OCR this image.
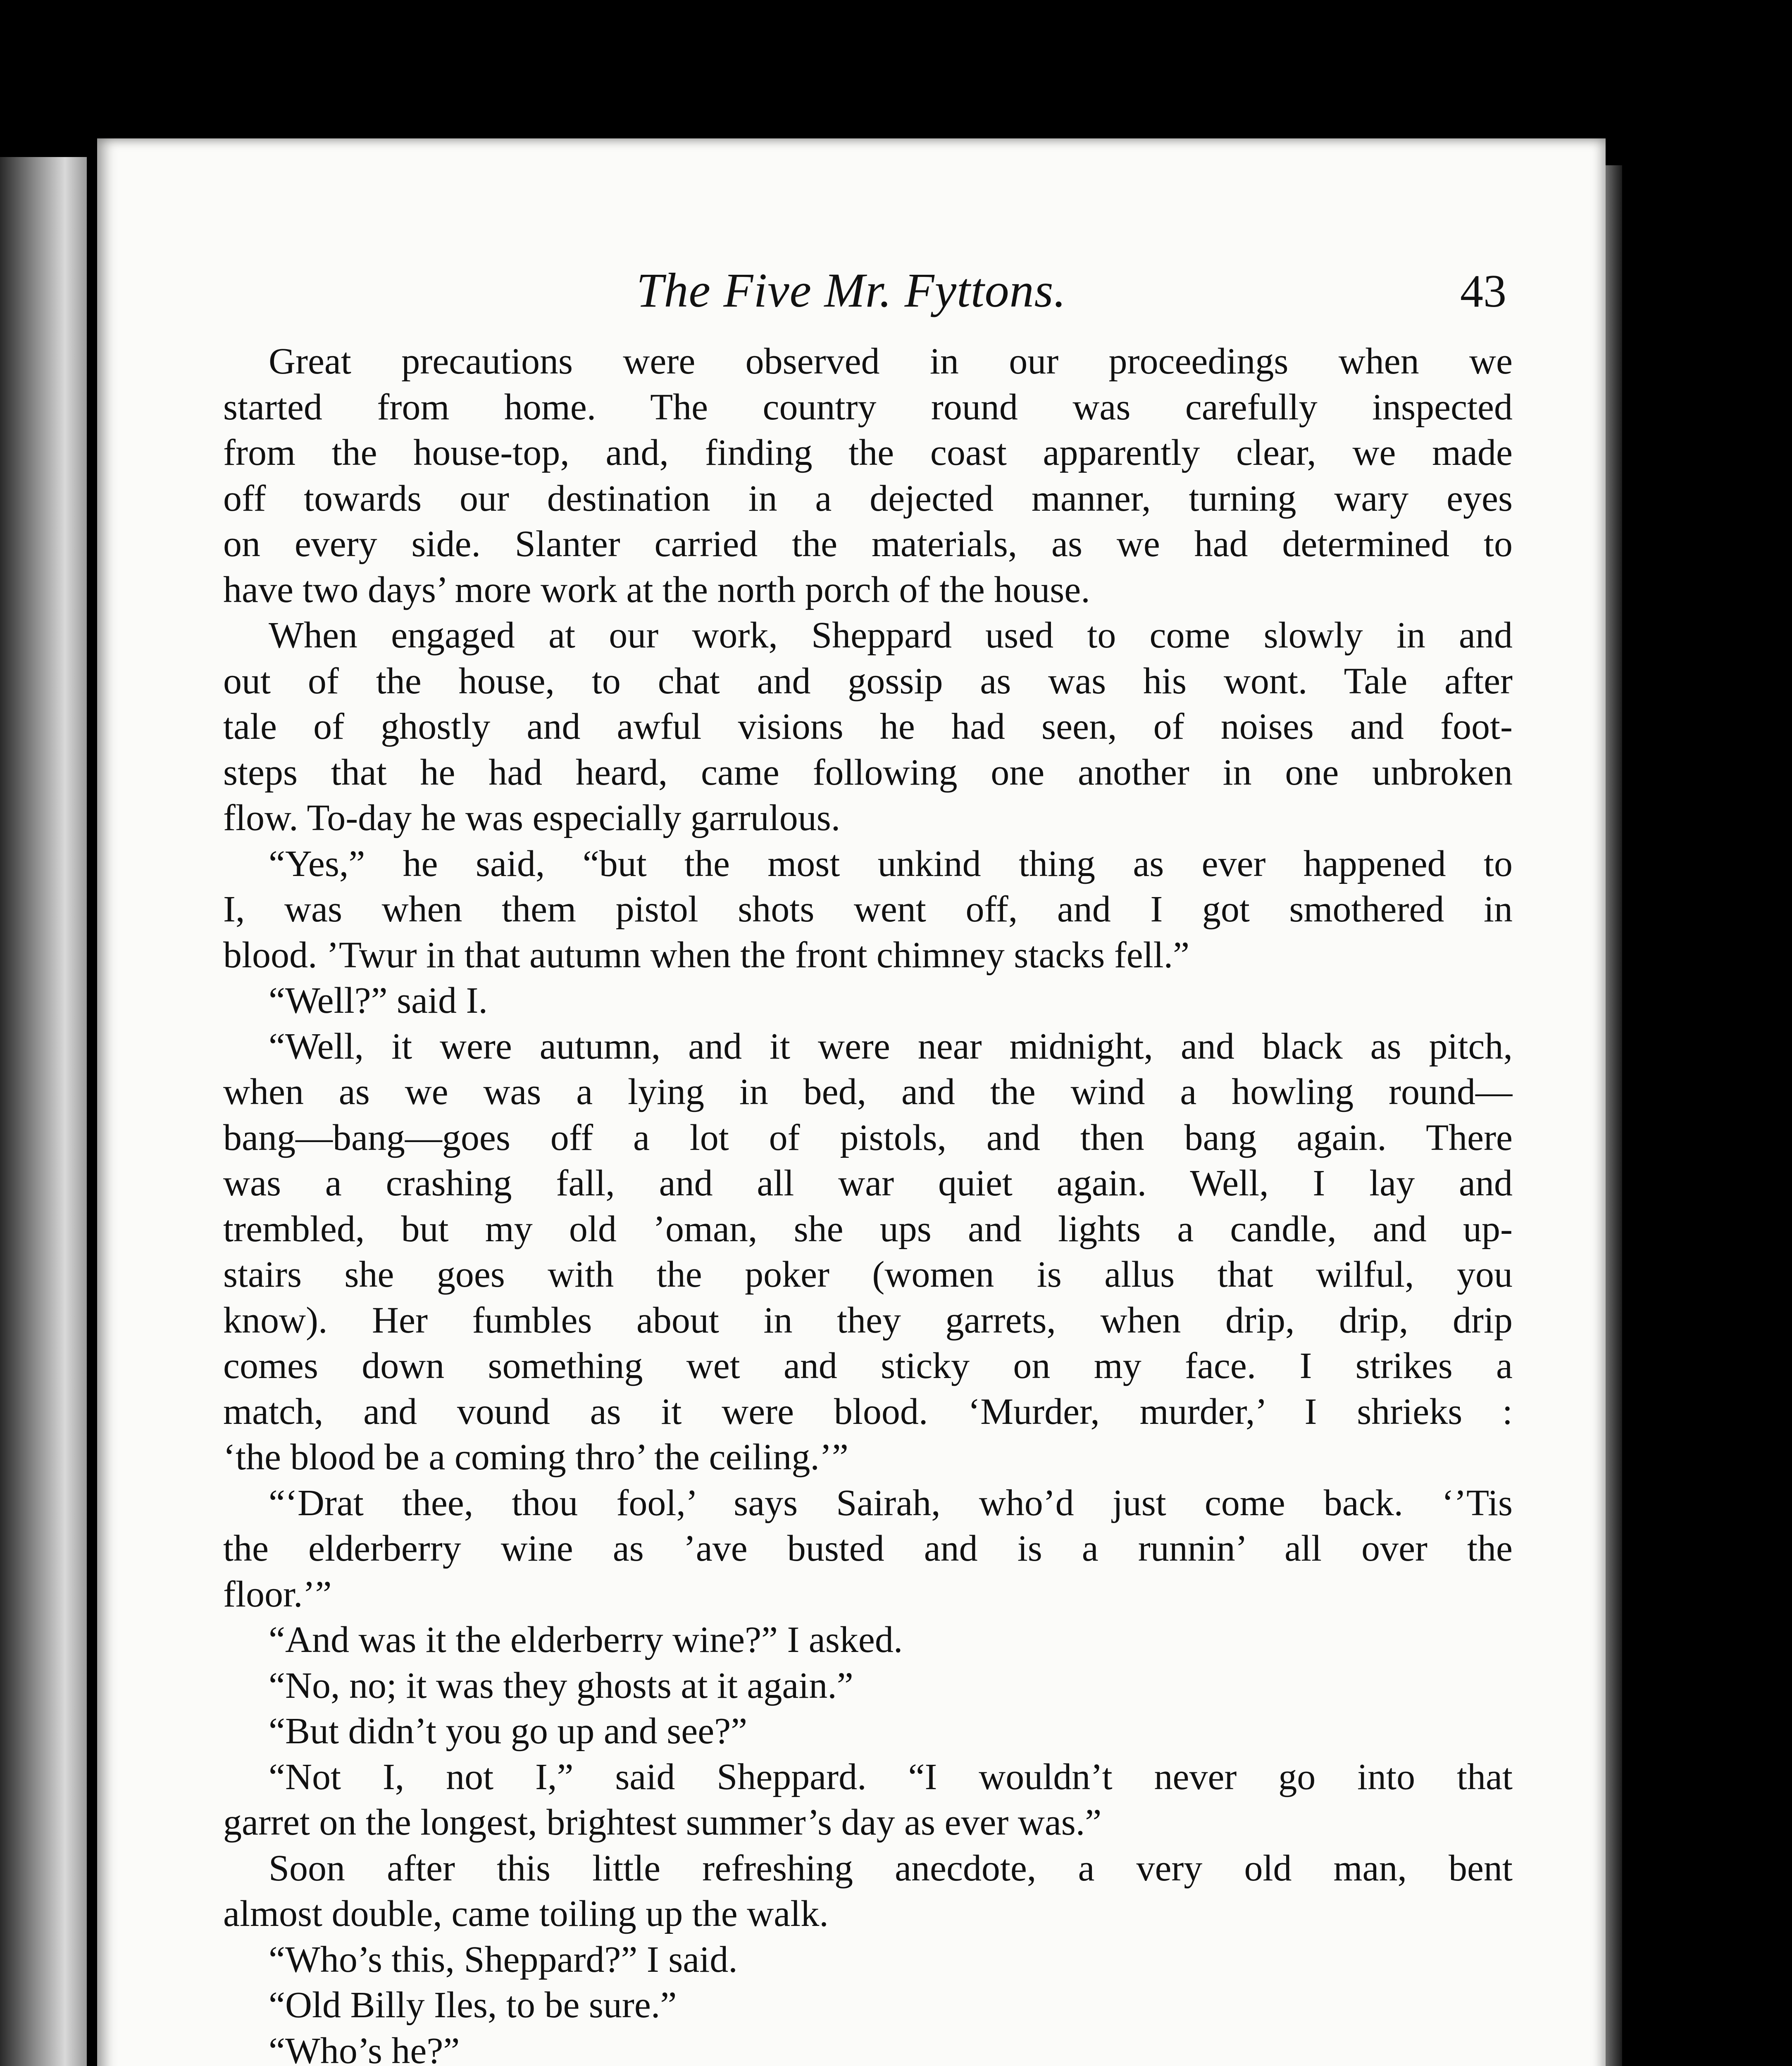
The Five Mr. Fyttons.	43
Great precautions were observed in our proceedings when we
started from home. The country round was carefully inspected
from the house-top, and, finding the coast apparently clear, we made
off towards our destination in a dejected manner, turning wary eyes
on every side. Slanter carried the materials, as we had determined to
have two days’ more work at the north porch of the house.
When engaged at our work, Sheppard used to come slowly in and
out of the house, to chat and gossip as was his wont. Tale after
tale of ghostly and awful visions he had seen, of noises and foot-
steps that he had heard, came following one another in one unbroken
flow. To-day he was especially garrulous.
“Yes,” he said, “but the most unkind thing as ever happened to
I, was when them pistol shots went off, and I got smothered in
blood. ’Twur in that autumn when the front chimney stacks fell.”
“Well?” said I.
“Well, it were autumn, and it were near midnight, and black as pitch,
when as we was a lying in bed, and the wind a howling round—
bang—bang—goes off a lot of pistols, and then bang again. There
was a crashing fall, and all war quiet again. Well, I lay and
trembled, but my old ’oman, she ups and lights a candle, and up-
stairs she goes with the poker (women is allus that wilful, you
know). Her fumbles about in they garrets, when drip, drip, drip
comes down something wet and sticky on my face. I strikes a
match, and vound as it were blood. ‘Murder, murder,’ I shrieks :
‘the blood be a coming thro’ the ceiling.’”
“‘Drat thee, thou fool,’ says Sairah, who’d just come back. ‘’Tis
the elderberry wine as ’ave busted and is a runnin’ all over the
floor.’”
“And was it the elderberry wine?” I asked.
“No, no; it was they ghosts at it again.”
“But didn’t you go up and see?”
“Not I, not I,” said Sheppard. “I wouldn’t never go into that
garret on the longest, brightest summer’s day as ever was.”
Soon after this little refreshing anecdote, a very old man, bent
almost double, came toiling up the walk.
“Who’s this, Sheppard?” I said.
“Old Billy Iles, to be sure.”
“Who’s he?”
